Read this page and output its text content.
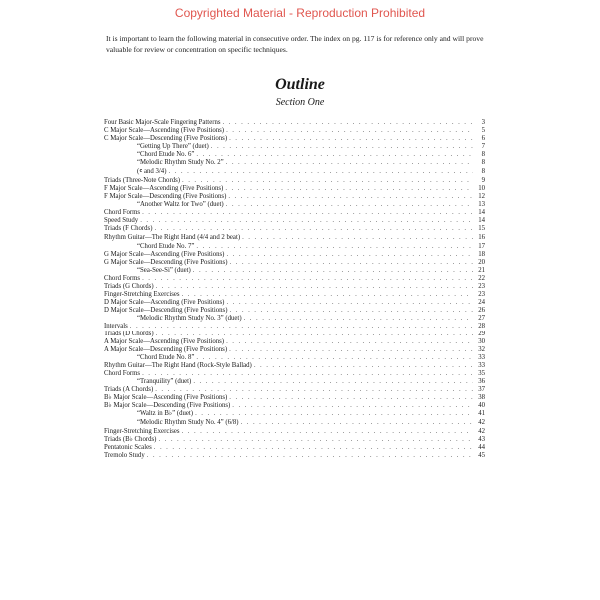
Copyrighted Material - Reproduction Prohibited
It is important to learn the following material in consecutive order. The index on pg. 117 is for reference only and will prove valuable for review or concentration on specific techniques.
Outline
Section One
Four Basic Major-Scale Fingering Patterns . . .	3
C Major Scale—Ascending (Five Positions) . . .	5
C Major Scale—Descending (Five Positions) . . .	6
“Getting Up There” (duet) . . .	7
“Chord Etude No. 6” . . .	8
“Melodic Rhythm Study No. 2” . . .	8
(𝄴 and 3/4) . . .	8
Triads (Three-Note Chords) . . .	9
F Major Scale—Ascending (Five Positions) . . .	10
F Major Scale—Descending (Five Positions) . . .	12
“Another Waltz for Two” (duet) . . .	13
Chord Forms . . .	14
Speed Study . . .	14
Triads (F Chords) . . .	15
Rhythm Guitar—The Right Hand (4/4 and 2 beat) . . .	16
“Chord Etude No. 7” . . .	17
G Major Scale—Ascending (Five Positions) . . .	18
G Major Scale—Descending (Five Positions) . . .	20
“Sea-See-Si” (duet) . . .	21
Chord Forms . . .	22
Triads (G Chords) . . .	23
Finger-Stretching Exercises . . .	23
D Major Scale—Ascending (Five Positions) . . .	24
D Major Scale—Descending (Five Positions) . . .	26
“Melodic Rhythm Study No. 3” (duet) . . .	27
Intervals . . .	28
Triads (D Chords) . . .	29
A Major Scale—Ascending (Five Positions) . . .	30
A Major Scale—Descending (Five Positions) . . .	32
“Chord Etude No. 8” . . .	33
Rhythm Guitar—The Right Hand (Rock-Style Ballad) . . .	33
Chord Forms . . .	35
“Tranquility” (duet) . . .	36
Triads (A Chords) . . .	37
B♭ Major Scale—Ascending (Five Positions) . . .	38
B♭ Major Scale—Descending (Five Positions) . . .	40
“Waltz in B♭” (duet) . . .	41
“Melodic Rhythm Study No. 4” (6/8) . . .	42
Finger-Stretching Exercises . . .	42
Triads (B♭ Chords) . . .	43
Pentatonic Scales . . .	44
Tremolo Study . . .	45
